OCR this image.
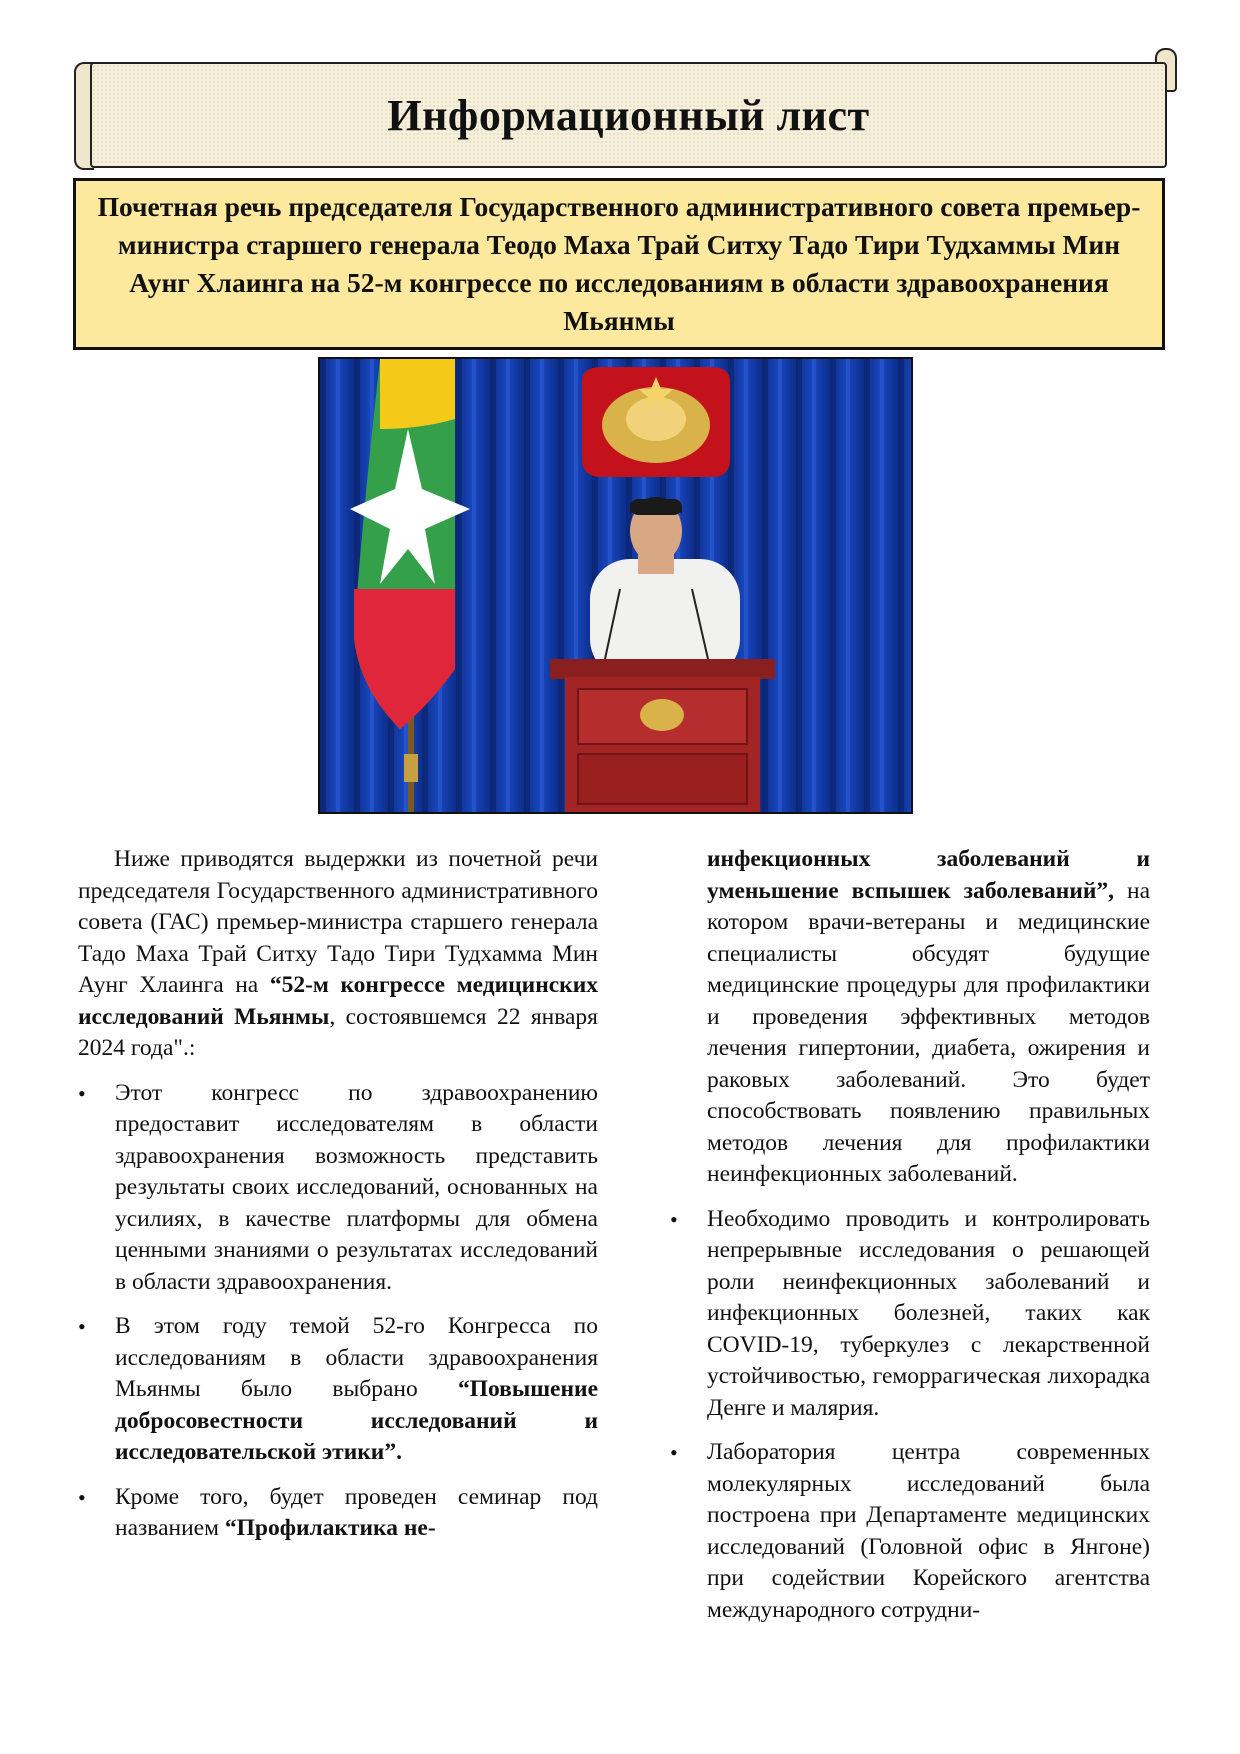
Информационный лист

Почетная речь председателя Государственного административного совета премьер-министра старшего генерала Теодо Маха Трай Ситху Тадо Тири Тудхаммы Мин Аунг Хлаинга на 52-м конгрессе по исследованиям в области здравоохранения Мьянмы

Ниже приводятся выдержки из почетной речи председателя Государственного административного совета (ГАС) премьер-министра старшего генерала Тадо Маха Трай Ситху Тадо Тири Тудхамма Мин Аунг Хлаинга на “52-м конгрессе медицинских исследований Мьянмы, состоявшемся 22 января 2024 года".:

• Этот конгресс по здравоохранению предоставит исследователям в области здравоохранения возможность представить результаты своих исследований, основанных на усилиях, в качестве платформы для обмена ценными знаниями о результатах исследований в области здравоохранения.
• В этом году темой 52-го Конгресса по исследованиям в области здравоохранения Мьянмы было выбрано “Повышение добросовестности исследований и исследовательской этики”.
• Кроме того, будет проведен семинар под названием “Профилактика не-
инфекционных заболеваний и уменьшение вспышек заболеваний”, на котором врачи-ветераны и медицинские специалисты обсудят будущие медицинские процедуры для профилактики и проведения эффективных методов лечения гипертонии, диабета, ожирения и раковых заболеваний. Это будет способствовать появлению правильных методов лечения для профилактики неинфекционных заболеваний.
• Необходимо проводить и контролировать непрерывные исследования о решающей роли неинфекционных заболеваний и инфекционных болезней, таких как COVID-19, туберкулез с лекарственной устойчивостью, геморрагическая лихорадка Денге и малярия.
• Лаборатория центра современных молекулярных исследований была построена при Департаменте медицинских исследований (Головной офис в Янгоне) при содействии Корейского агентства международного сотрудни-
